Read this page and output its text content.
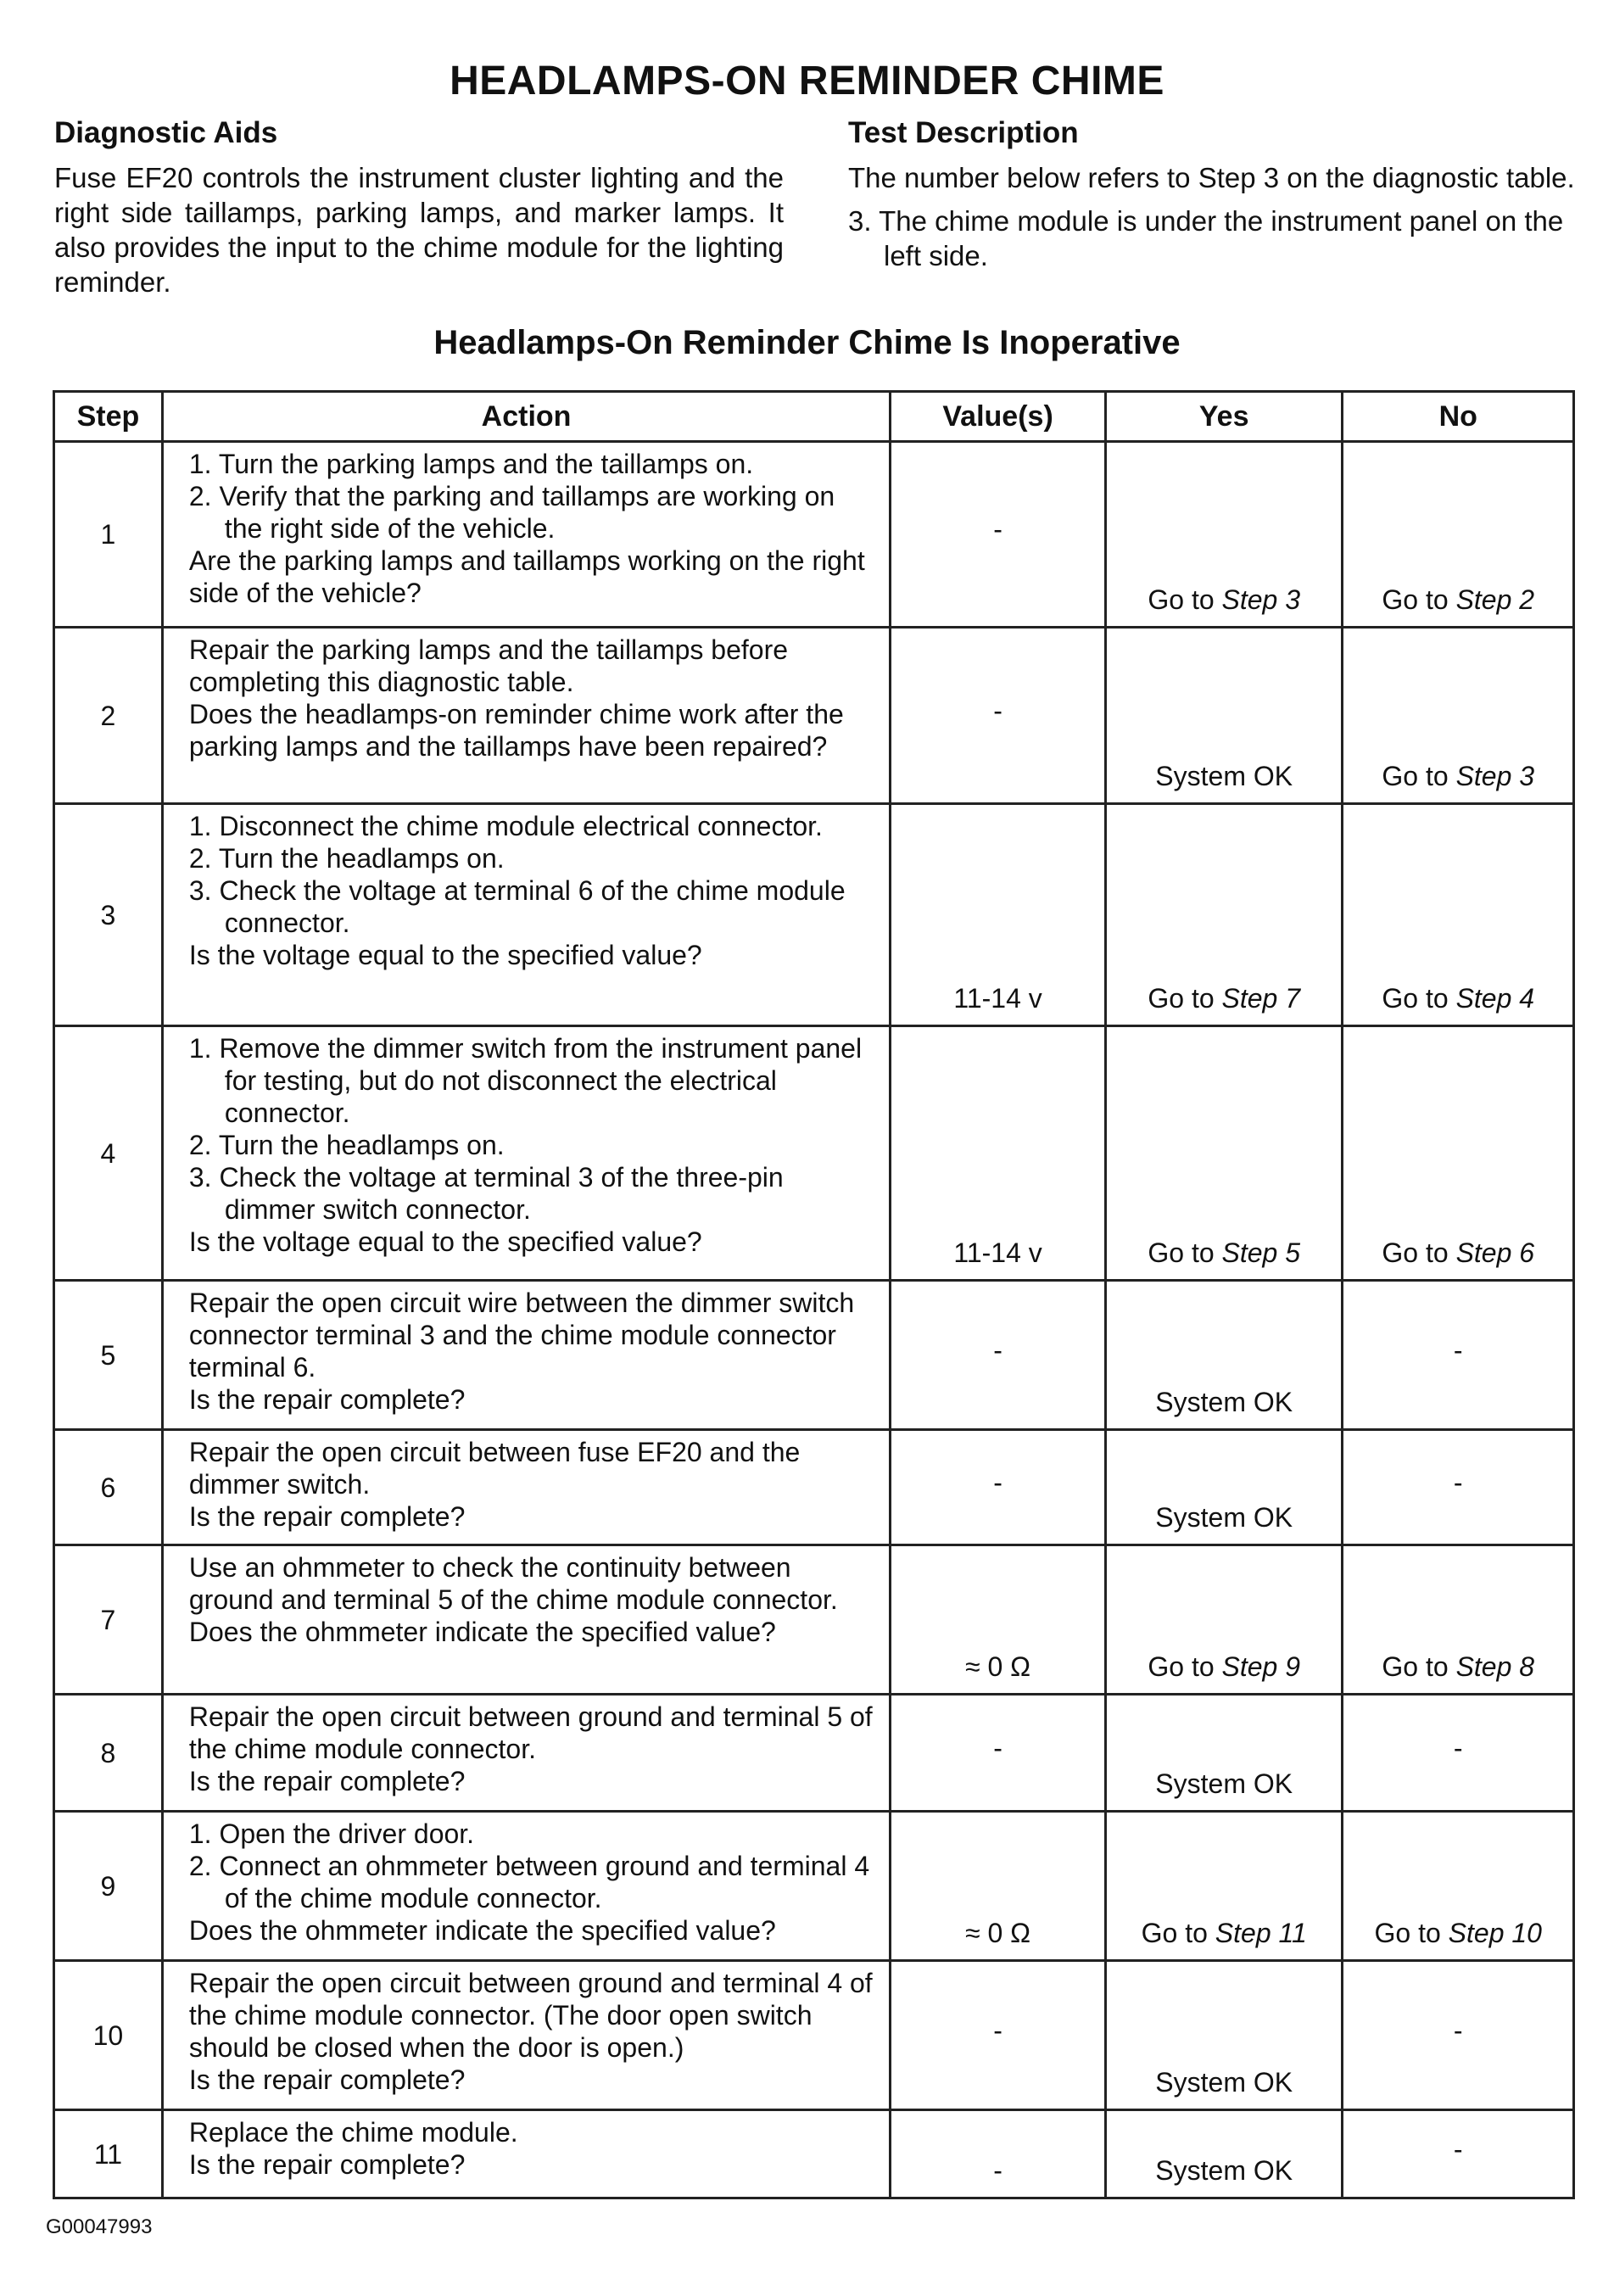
HEADLAMPS-ON REMINDER CHIME
Diagnostic Aids

Fuse EF20 controls the instrument cluster lighting and the right side taillamps, parking lamps, and marker lamps. It also provides the input to the chime module for the lighting reminder.

Test Description

The number below refers to Step 3 on the diagnostic table.

3. The chime module is under the instrument panel on the left side.
Headlamps-On Reminder Chime Is Inoperative
Step	Action	Value(s)	Yes	No
1	1. Turn the parking lamps and the taillamps on.
2. Verify that the parking and taillamps are working on the right side of the vehicle.
Are the parking lamps and taillamps working on the right side of the vehicle?	-	Go to Step 3	Go to Step 2
2	Repair the parking lamps and the taillamps before completing this diagnostic table.
Does the headlamps-on reminder chime work after the parking lamps and the taillamps have been repaired?	-	System OK	Go to Step 3
3	1. Disconnect the chime module electrical connector.
2. Turn the headlamps on.
3. Check the voltage at terminal 6 of the chime module connector.
Is the voltage equal to the specified value?	11-14 v	Go to Step 7	Go to Step 4
4	1. Remove the dimmer switch from the instrument panel for testing, but do not disconnect the electrical connector.
2. Turn the headlamps on.
3. Check the voltage at terminal 3 of the three-pin dimmer switch connector.
Is the voltage equal to the specified value?	11-14 v	Go to Step 5	Go to Step 6
5	Repair the open circuit wire between the dimmer switch connector terminal 3 and the chime module connector terminal 6.
Is the repair complete?	-	System OK	-
6	Repair the open circuit between fuse EF20 and the dimmer switch.
Is the repair complete?	-	System OK	-
7	Use an ohmmeter to check the continuity between ground and terminal 5 of the chime module connector.
Does the ohmmeter indicate the specified value?	≈ 0 Ω	Go to Step 9	Go to Step 8
8	Repair the open circuit between ground and terminal 5 of the chime module connector.
Is the repair complete?	-	System OK	-
9	1. Open the driver door.
2. Connect an ohmmeter between ground and terminal 4 of the chime module connector.
Does the ohmmeter indicate the specified value?	≈ 0 Ω	Go to Step 11	Go to Step 10
10	Repair the open circuit between ground and terminal 4 of the chime module connector. (The door open switch should be closed when the door is open.)
Is the repair complete?	-	System OK	-
11	Replace the chime module.
Is the repair complete?	-	System OK	-
G00047993
